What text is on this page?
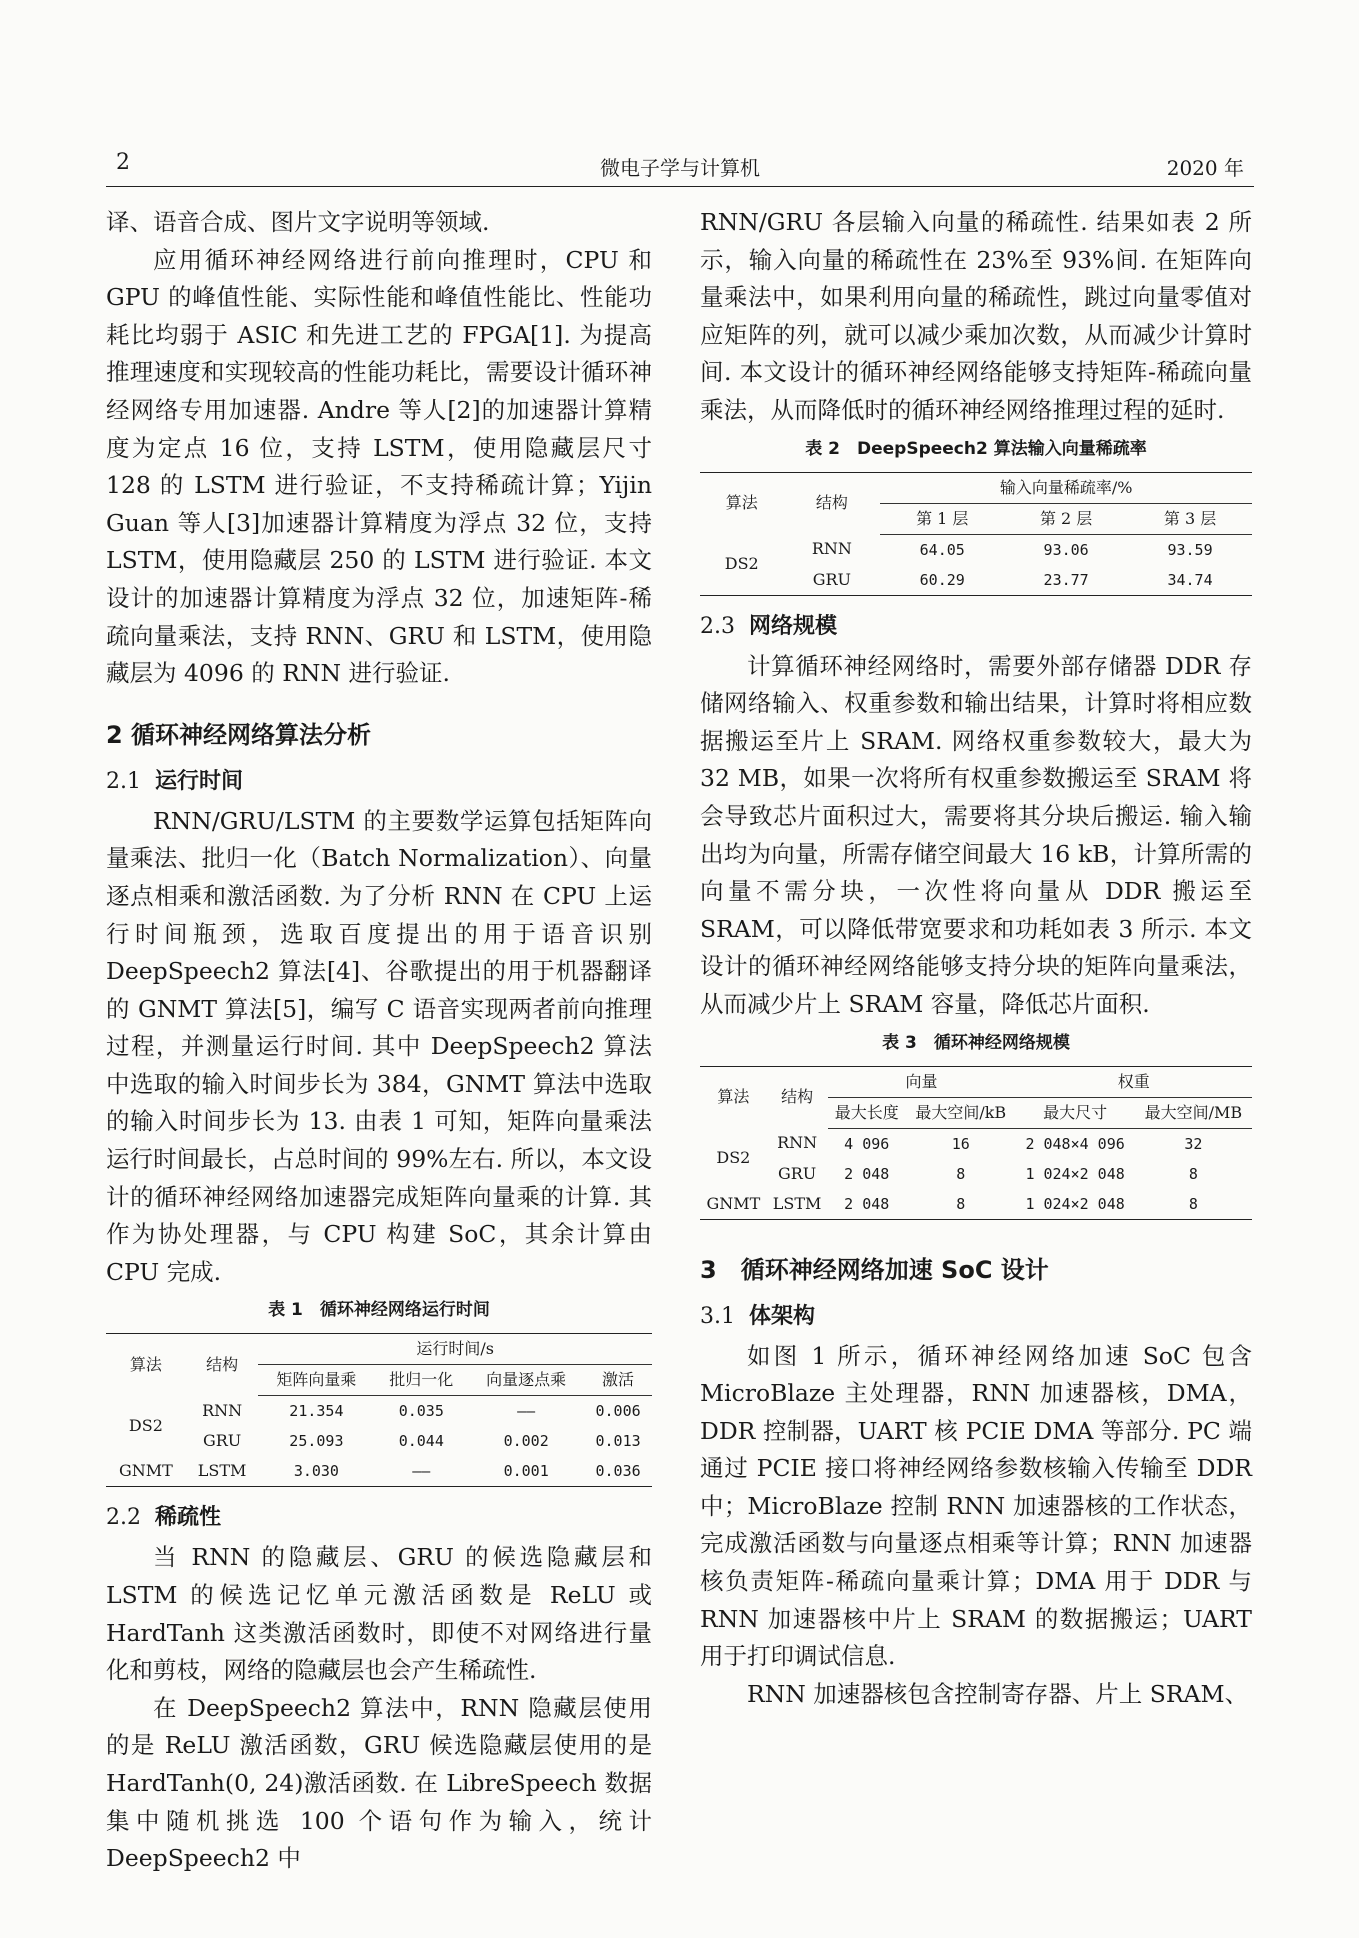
2	微电子学与计算机	2020 年

译、语音合成、图片文字说明等领域.

应用循环神经网络进行前向推理时，CPU 和 GPU 的峰值性能、实际性能和峰值性能比、性能功耗比均弱于 ASIC 和先进工艺的 FPGA[1]. 为提高推理速度和实现较高的性能功耗比，需要设计循环神经网络专用加速器. Andre 等人[2]的加速器计算精度为定点 16 位，支持 LSTM，使用隐藏层尺寸 128 的 LSTM 进行验证，不支持稀疏计算；Yijin Guan 等人[3]加速器计算精度为浮点 32 位，支持 LSTM，使用隐藏层 250 的 LSTM 进行验证. 本文设计的加速器计算精度为浮点 32 位，加速矩阵-稀疏向量乘法，支持 RNN、GRU 和 LSTM，使用隐藏层为 4096 的 RNN 进行验证.

2 循环神经网络算法分析
2.1 运行时间

RNN/GRU/LSTM 的主要数学运算包括矩阵向量乘法、批归一化（Batch Normalization）、向量逐点相乘和激活函数. 为了分析 RNN 在 CPU 上运行时间瓶颈，选取百度提出的用于语音识别 DeepSpeech2 算法[4]、谷歌提出的用于机器翻译的 GNMT 算法[5]，编写 C 语音实现两者前向推理过程，并测量运行时间. 其中 DeepSpeech2 算法中选取的输入时间步长为 384，GNMT 算法中选取的输入时间步长为 13. 由表 1 可知，矩阵向量乘法运行时间最长，占总时间的 99%左右. 所以，本文设计的循环神经网络加速器完成矩阵向量乘的计算. 其作为协处理器，与 CPU 构建 SoC，其余计算由 CPU 完成.

表 1　循环神经网络运行时间
算法	结构	运行时间/s			
		矩阵向量乘	批归一化	向量逐点乘	激活
DS2	RNN	21.354	0.035	——	0.006
	GRU	25.093	0.044	0.002	0.013
GNMT	LSTM	3.030	——	0.001	0.036
2.2 稀疏性

当 RNN 的隐藏层、GRU 的候选隐藏层和 LSTM 的候选记忆单元激活函数是 ReLU 或 HardTanh 这类激活函数时，即使不对网络进行量化和剪枝，网络的隐藏层也会产生稀疏性.

在 DeepSpeech2 算法中，RNN 隐藏层使用的是 ReLU 激活函数，GRU 候选隐藏层使用的是 HardTanh(0, 24)激活函数. 在 LibreSpeech 数据集中随机挑选 100 个语句作为输入，统计 DeepSpeech2 中

RNN/GRU 各层输入向量的稀疏性. 结果如表 2 所示，输入向量的稀疏性在 23%至 93%间. 在矩阵向量乘法中，如果利用向量的稀疏性，跳过向量零值对应矩阵的列，就可以减少乘加次数，从而减少计算时间. 本文设计的循环神经网络能够支持矩阵-稀疏向量乘法，从而降低时的循环神经网络推理过程的延时.

表 2　DeepSpeech2 算法输入向量稀疏率
算法	结构	输入向量稀疏率/%		
		第 1 层	第 2 层	第 3 层
DS2	RNN	64.05	93.06	93.59
	GRU	60.29	23.77	34.74
2.3 网络规模

计算循环神经网络时，需要外部存储器 DDR 存储网络输入、权重参数和输出结果，计算时将相应数据搬运至片上 SRAM. 网络权重参数较大，最大为 32 MB，如果一次将所有权重参数搬运至 SRAM 将会导致芯片面积过大，需要将其分块后搬运. 输入输出均为向量，所需存储空间最大 16 kB，计算所需的向量不需分块，一次性将向量从 DDR 搬运至 SRAM，可以降低带宽要求和功耗如表 3 所示. 本文设计的循环神经网络能够支持分块的矩阵向量乘法，从而减少片上 SRAM 容量，降低芯片面积.

表 3　循环神经网络规模
算法	结构	向量		权重	
		最大长度	最大空间/kB	最大尺寸	最大空间/MB
DS2	RNN	4 096	16	2 048×4 096	32
	GRU	2 048	8	1 024×2 048	8
GNMT	LSTM	2 048	8	1 024×2 048	8
3　循环神经网络加速 SoC 设计
3.1 体架构

如图 1 所示，循环神经网络加速 SoC 包含 MicroBlaze 主处理器，RNN 加速器核，DMA，DDR 控制器，UART 核 PCIE DMA 等部分. PC 端通过 PCIE 接口将神经网络参数核输入传输至 DDR 中；MicroBlaze 控制 RNN 加速器核的工作状态，完成激活函数与向量逐点相乘等计算；RNN 加速器核负责矩阵-稀疏向量乘计算；DMA 用于 DDR 与 RNN 加速器核中片上 SRAM 的数据搬运；UART 用于打印调试信息.

RNN 加速器核包含控制寄存器、片上 SRAM、
